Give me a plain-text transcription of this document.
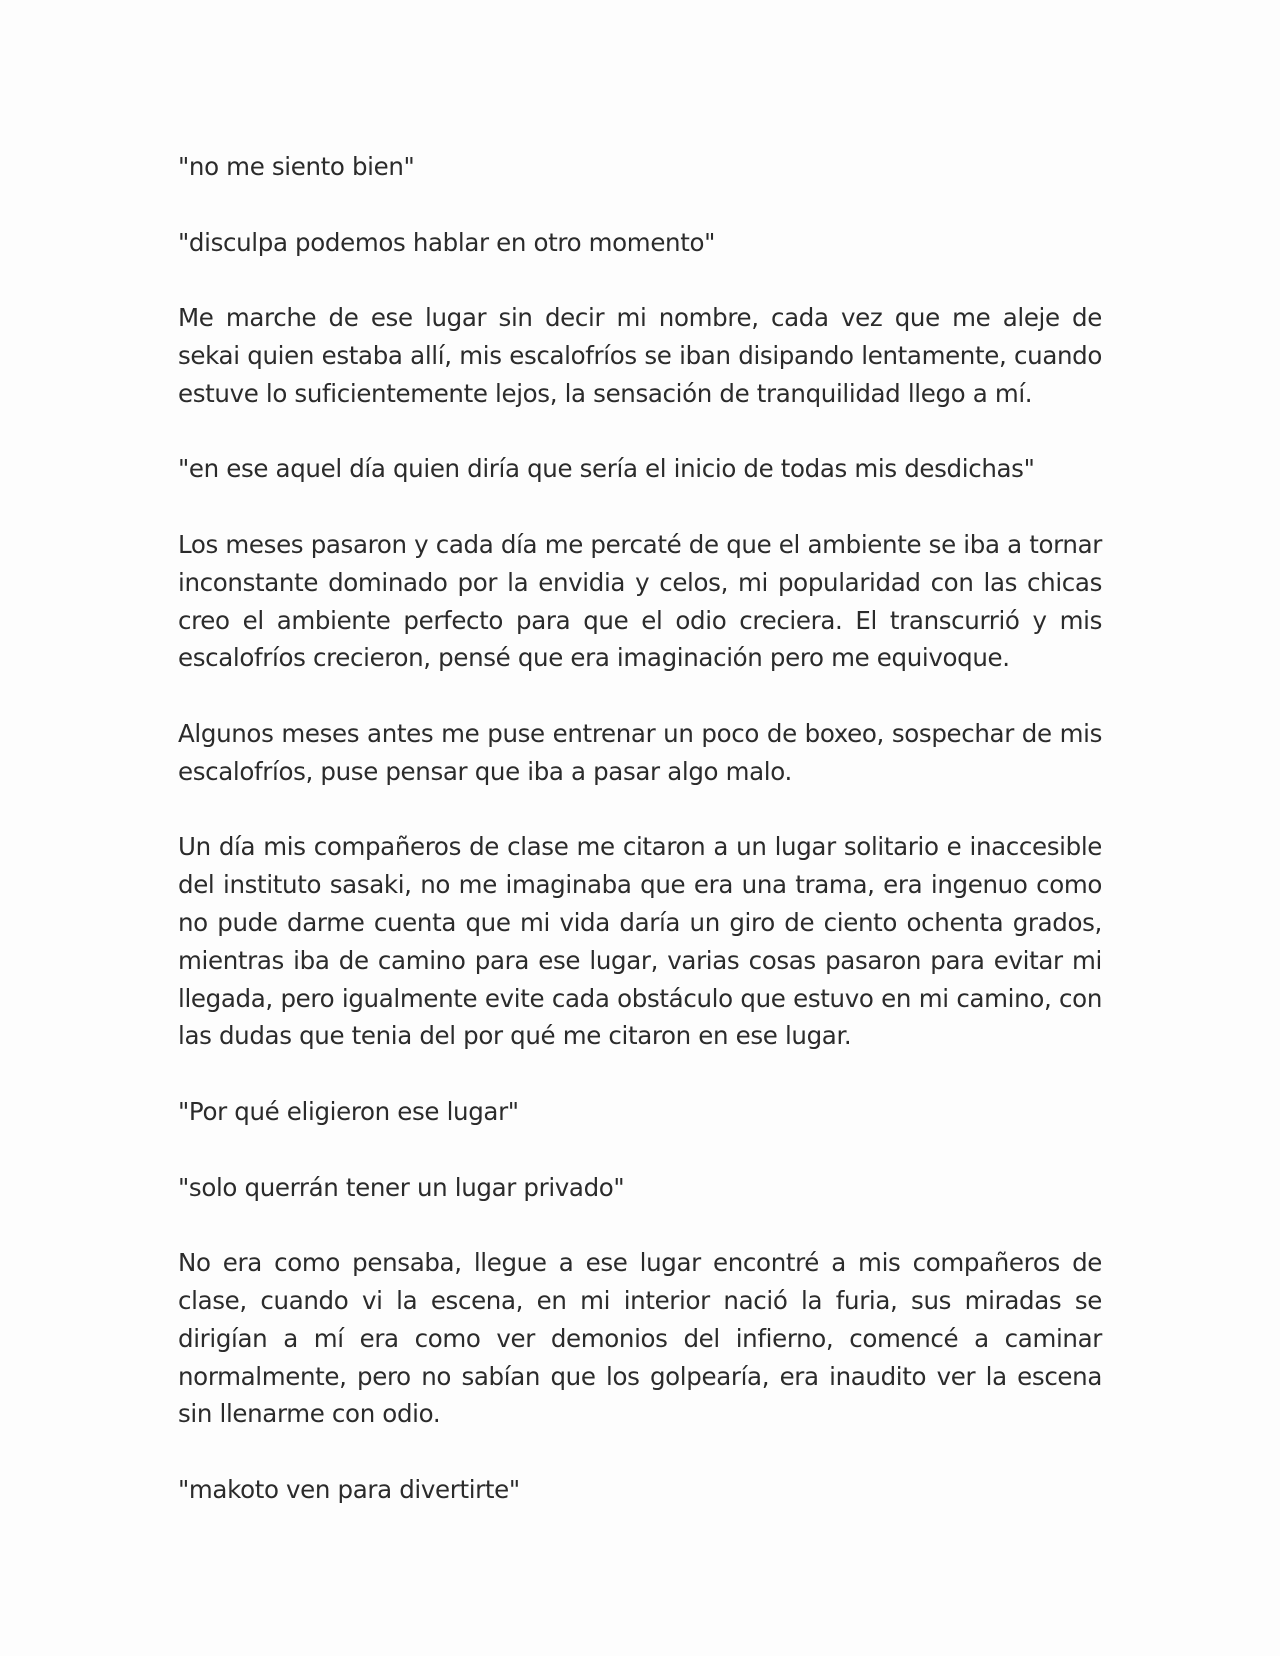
"no me siento bien"

"disculpa podemos hablar en otro momento"

Me marche de ese lugar sin decir mi nombre, cada vez que me aleje de sekai quien estaba allí, mis escalofríos se iban disipando lentamente, cuando estuve lo suficientemente lejos, la sensación de tranquilidad llego a mí.

"en ese aquel día quien diría que sería el inicio de todas mis desdichas"

Los meses pasaron y cada día me percaté de que el ambiente se iba a tornar inconstante dominado por la envidia y celos, mi popularidad con las chicas creo el ambiente perfecto para que el odio creciera. El transcurrió y mis escalofríos crecieron, pensé que era imaginación pero me equivoque.

Algunos meses antes me puse entrenar un poco de boxeo, sospechar de mis escalofríos, puse pensar que iba a pasar algo malo.

Un día mis compañeros de clase me citaron a un lugar solitario e inaccesible del instituto sasaki, no me imaginaba que era una trama, era ingenuo como no pude darme cuenta que mi vida daría un giro de ciento ochenta grados, mientras iba de camino para ese lugar, varias cosas pasaron para evitar mi llegada, pero igualmente evite cada obstáculo que estuvo en mi camino, con las dudas que tenia del por qué me citaron en ese lugar.

"Por qué eligieron ese lugar"

"solo querrán tener un lugar privado"

No era como pensaba, llegue a ese lugar encontré a mis compañeros de clase, cuando vi la escena, en mi interior nació la furia, sus miradas se dirigían a mí era como ver demonios del infierno, comencé a caminar normalmente, pero no sabían que los golpearía, era inaudito ver la escena sin llenarme con odio.

"makoto ven para divertirte"
